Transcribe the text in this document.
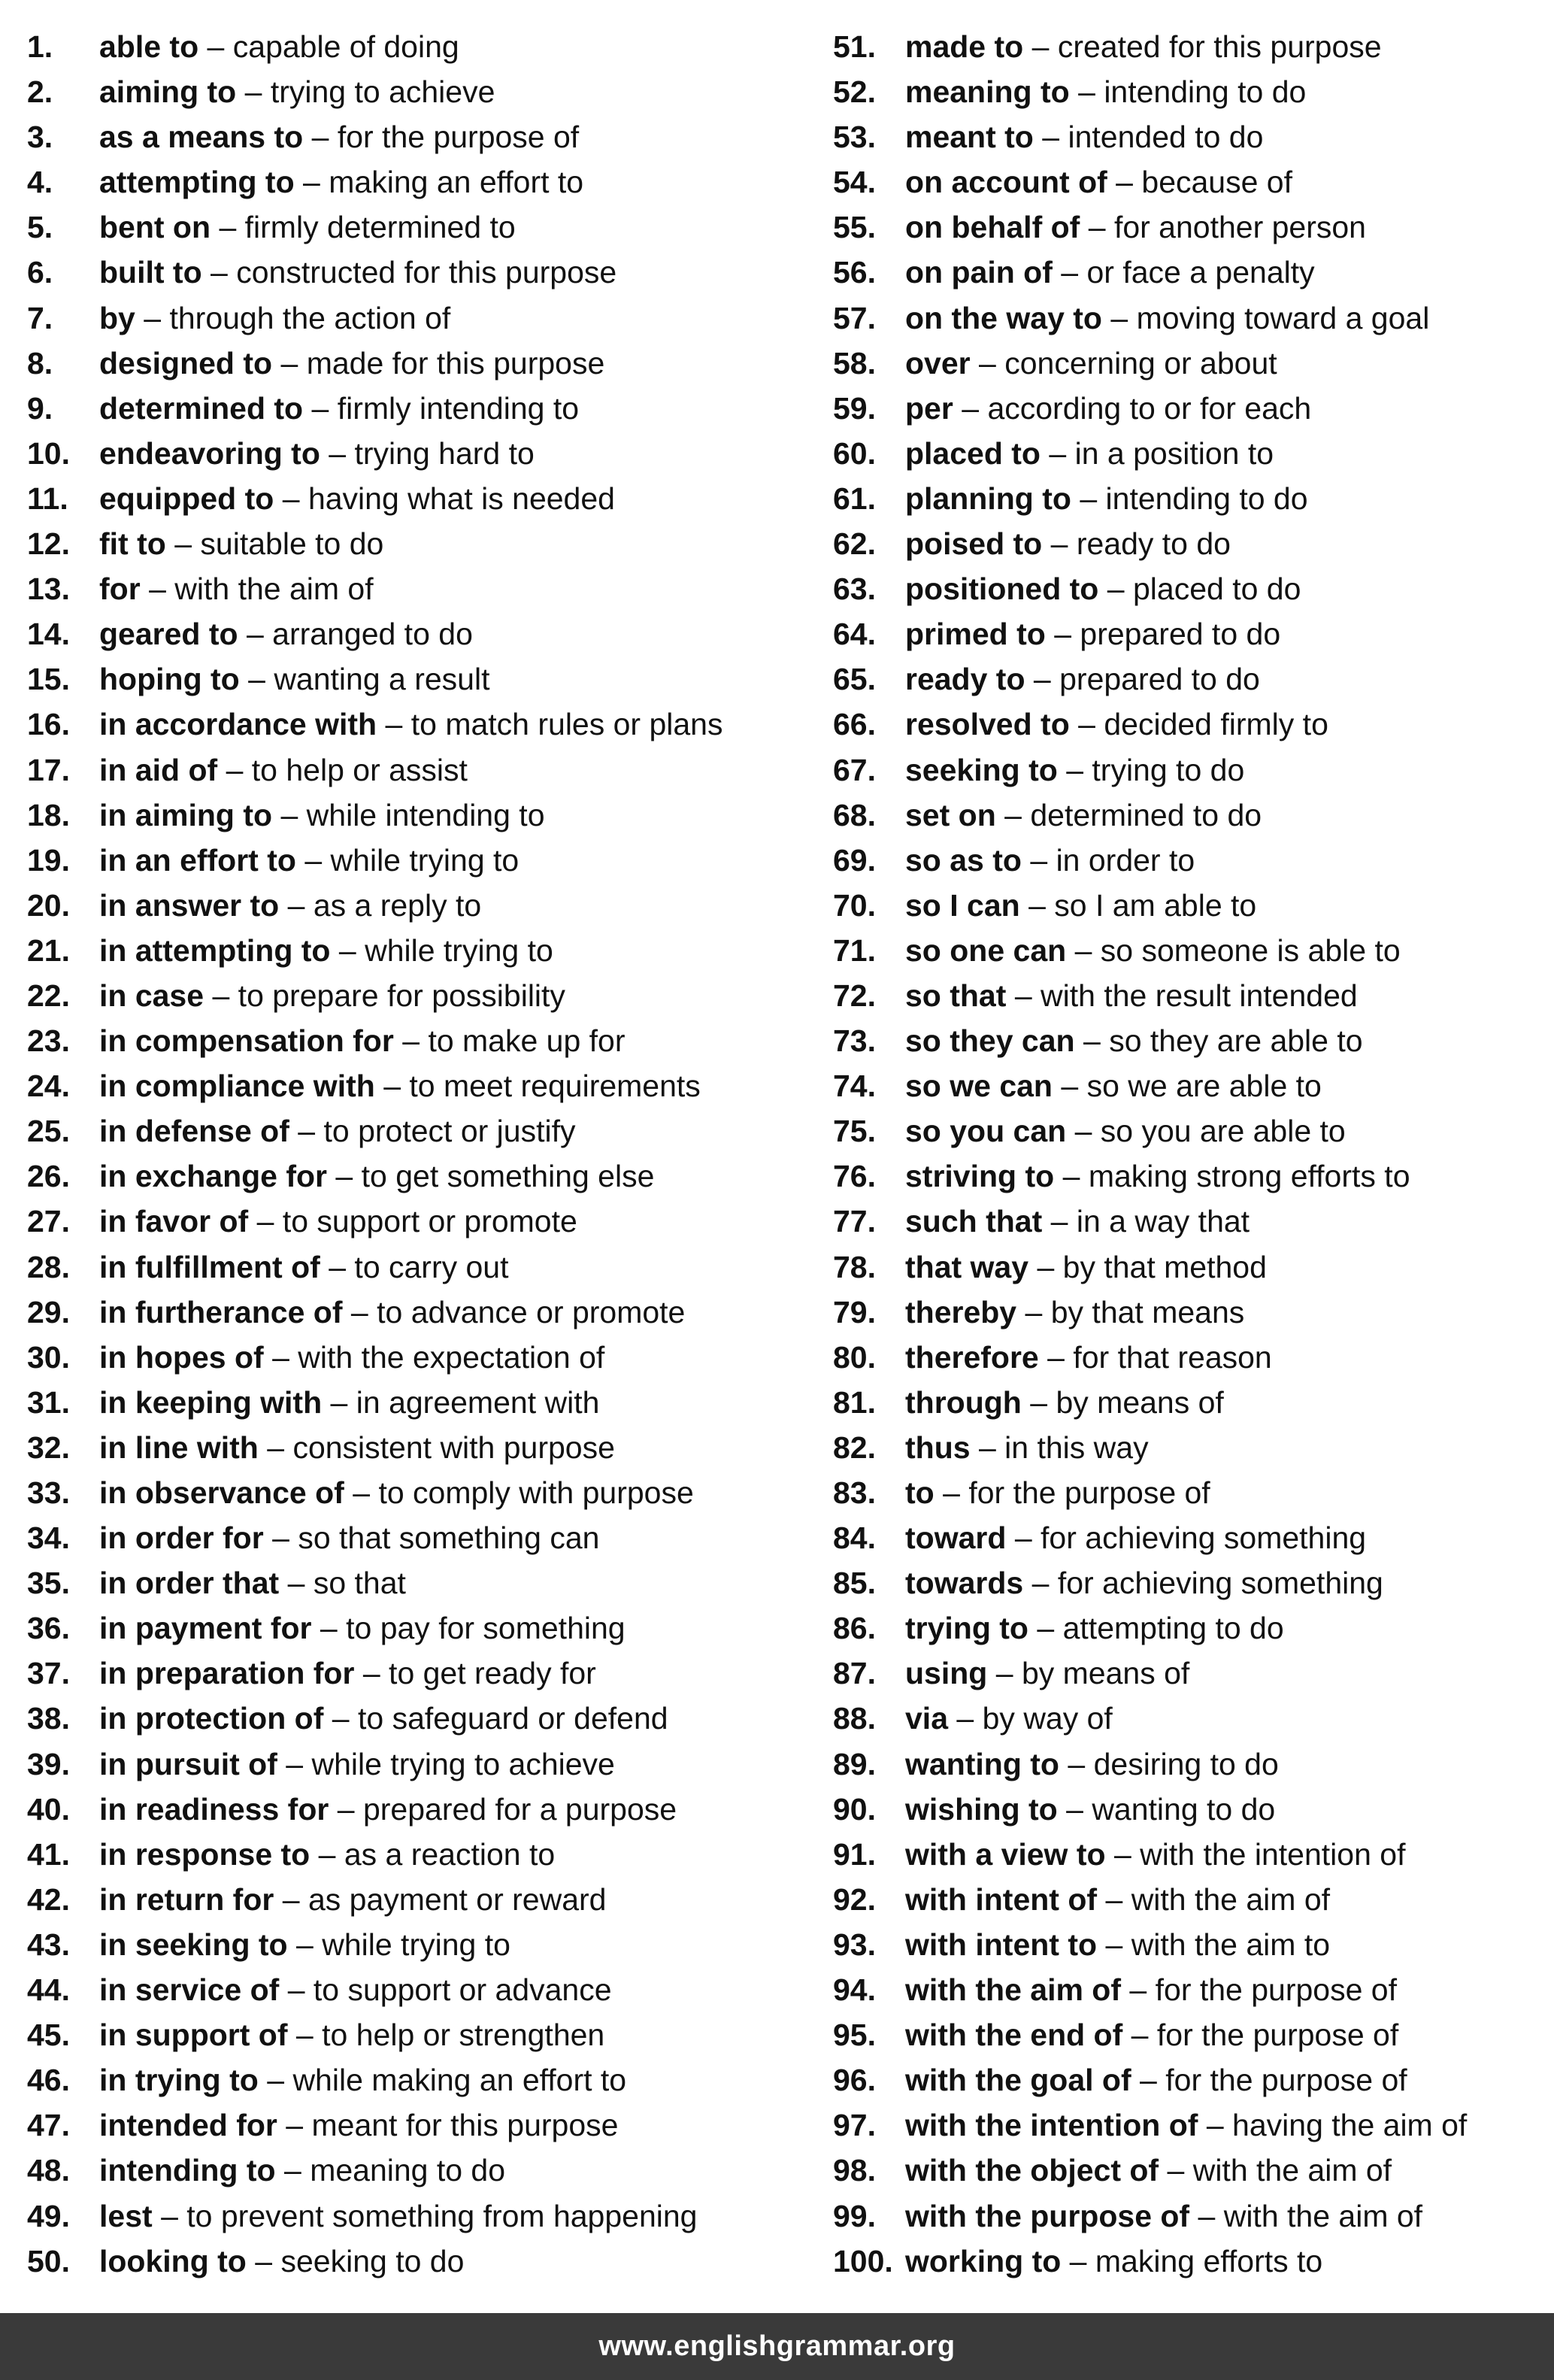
1.	able to – capable of doing
2.	aiming to – trying to achieve
3.	as a means to – for the purpose of
4.	attempting to – making an effort to
5.	bent on – firmly determined to
6.	built to – constructed for this purpose
7.	by – through the action of
8.	designed to – made for this purpose
9.	determined to – firmly intending to
10. endeavoring to – trying hard to
11.	equipped to – having what is needed
12. fit to – suitable to do
13. for – with the aim of
14. geared to – arranged to do
15. hoping to – wanting a result
16. in accordance with – to match rules or plans
17. in aid of – to help or assist
18. in aiming to – while intending to
19. in an effort to – while trying to
20. in answer to – as a reply to
21. in attempting to – while trying to
22. in case – to prepare for possibility
23. in compensation for – to make up for
24. in compliance with – to meet requirements
25. in defense of – to protect or justify
26. in exchange for – to get something else
27. in favor of – to support or promote
28. in fulfillment of – to carry out
29. in furtherance of – to advance or promote
30. in hopes of – with the expectation of
31. in keeping with – in agreement with
32. in line with – consistent with purpose
33. in observance of – to comply with purpose
34. in order for – so that something can
35. in order that – so that
36. in payment for – to pay for something
37. in preparation for – to get ready for
38. in protection of – to safeguard or defend
39. in pursuit of – while trying to achieve
40. in readiness for – prepared for a purpose
41. in response to – as a reaction to
42. in return for – as payment or reward
43. in seeking to – while trying to
44. in service of – to support or advance
45. in support of – to help or strengthen
46. in trying to – while making an effort to
47. intended for – meant for this purpose
48. intending to – meaning to do
49. lest – to prevent something from happening
50. looking to – seeking to do
51. made to – created for this purpose
52. meaning to – intending to do
53. meant to – intended to do
54. on account of – because of
55. on behalf of – for another person
56. on pain of – or face a penalty
57. on the way to – moving toward a goal
58. over – concerning or about
59. per – according to or for each
60. placed to – in a position to
61. planning to – intending to do
62. poised to – ready to do
63. positioned to – placed to do
64. primed to – prepared to do
65. ready to – prepared to do
66. resolved to – decided firmly to
67. seeking to – trying to do
68. set on – determined to do
69. so as to – in order to
70. so I can – so I am able to
71. so one can – so someone is able to
72. so that – with the result intended
73. so they can – so they are able to
74. so we can – so we are able to
75. so you can – so you are able to
76. striving to – making strong efforts to
77. such that – in a way that
78. that way – by that method
79. thereby – by that means
80. therefore – for that reason
81. through – by means of
82. thus – in this way
83. to – for the purpose of
84. toward – for achieving something
85. towards – for achieving something
86. trying to – attempting to do
87. using – by means of
88. via – by way of
89. wanting to – desiring to do
90. wishing to – wanting to do
91. with a view to – with the intention of
92. with intent of – with the aim of
93. with intent to – with the aim to
94. with the aim of – for the purpose of
95. with the end of – for the purpose of
96. with the goal of – for the purpose of
97. with the intention of – having the aim of
98. with the object of – with the aim of
99. with the purpose of – with the aim of
100. working to – making efforts to
www.englishgrammar.org
